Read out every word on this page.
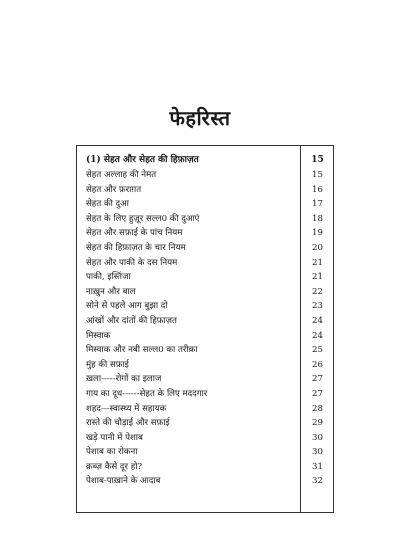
फेहरिस्त
(1) सेहत और सेहत की हिफ़ाज़त	15
सेहत अल्लाह की नेमत	15
सेहत और फ़राग़त	16
सेहत की दुआ	17
सेहत के लिए हुज़ूर सल्ल0 की दुआएं	18
सेहत और सफ़ाई के पांच नियम	19
सेहत की हिफ़ाज़त के चार नियम	20
सेहत और पाकी के दस नियम	21
पाकी, इस्तिंजा	21
नाख़ुन और बाल	22
सोने से पहले आग बुझा दो	23
आंखों और दांतों की हिफ़ाज़त	24
मिस्वाक	24
मिस्वाक और नबी सल्ल0 का तरीक़ा	25
मुंह की सफ़ाई	26
ख़ला-----रोगों का इलाज	27
गाय का दूध------सेहत के लिए मददगार	27
शहद---स्वास्थ्य में सहायक	28
रास्ते की चौड़ाई और सफ़ाई	29
खड़े पानी में पेशाब	30
पेशाब का रोकना	30
क़ब्ज़ कैसे दूर हो?	31
पेशाब-पाख़ाने के आदाब	32
